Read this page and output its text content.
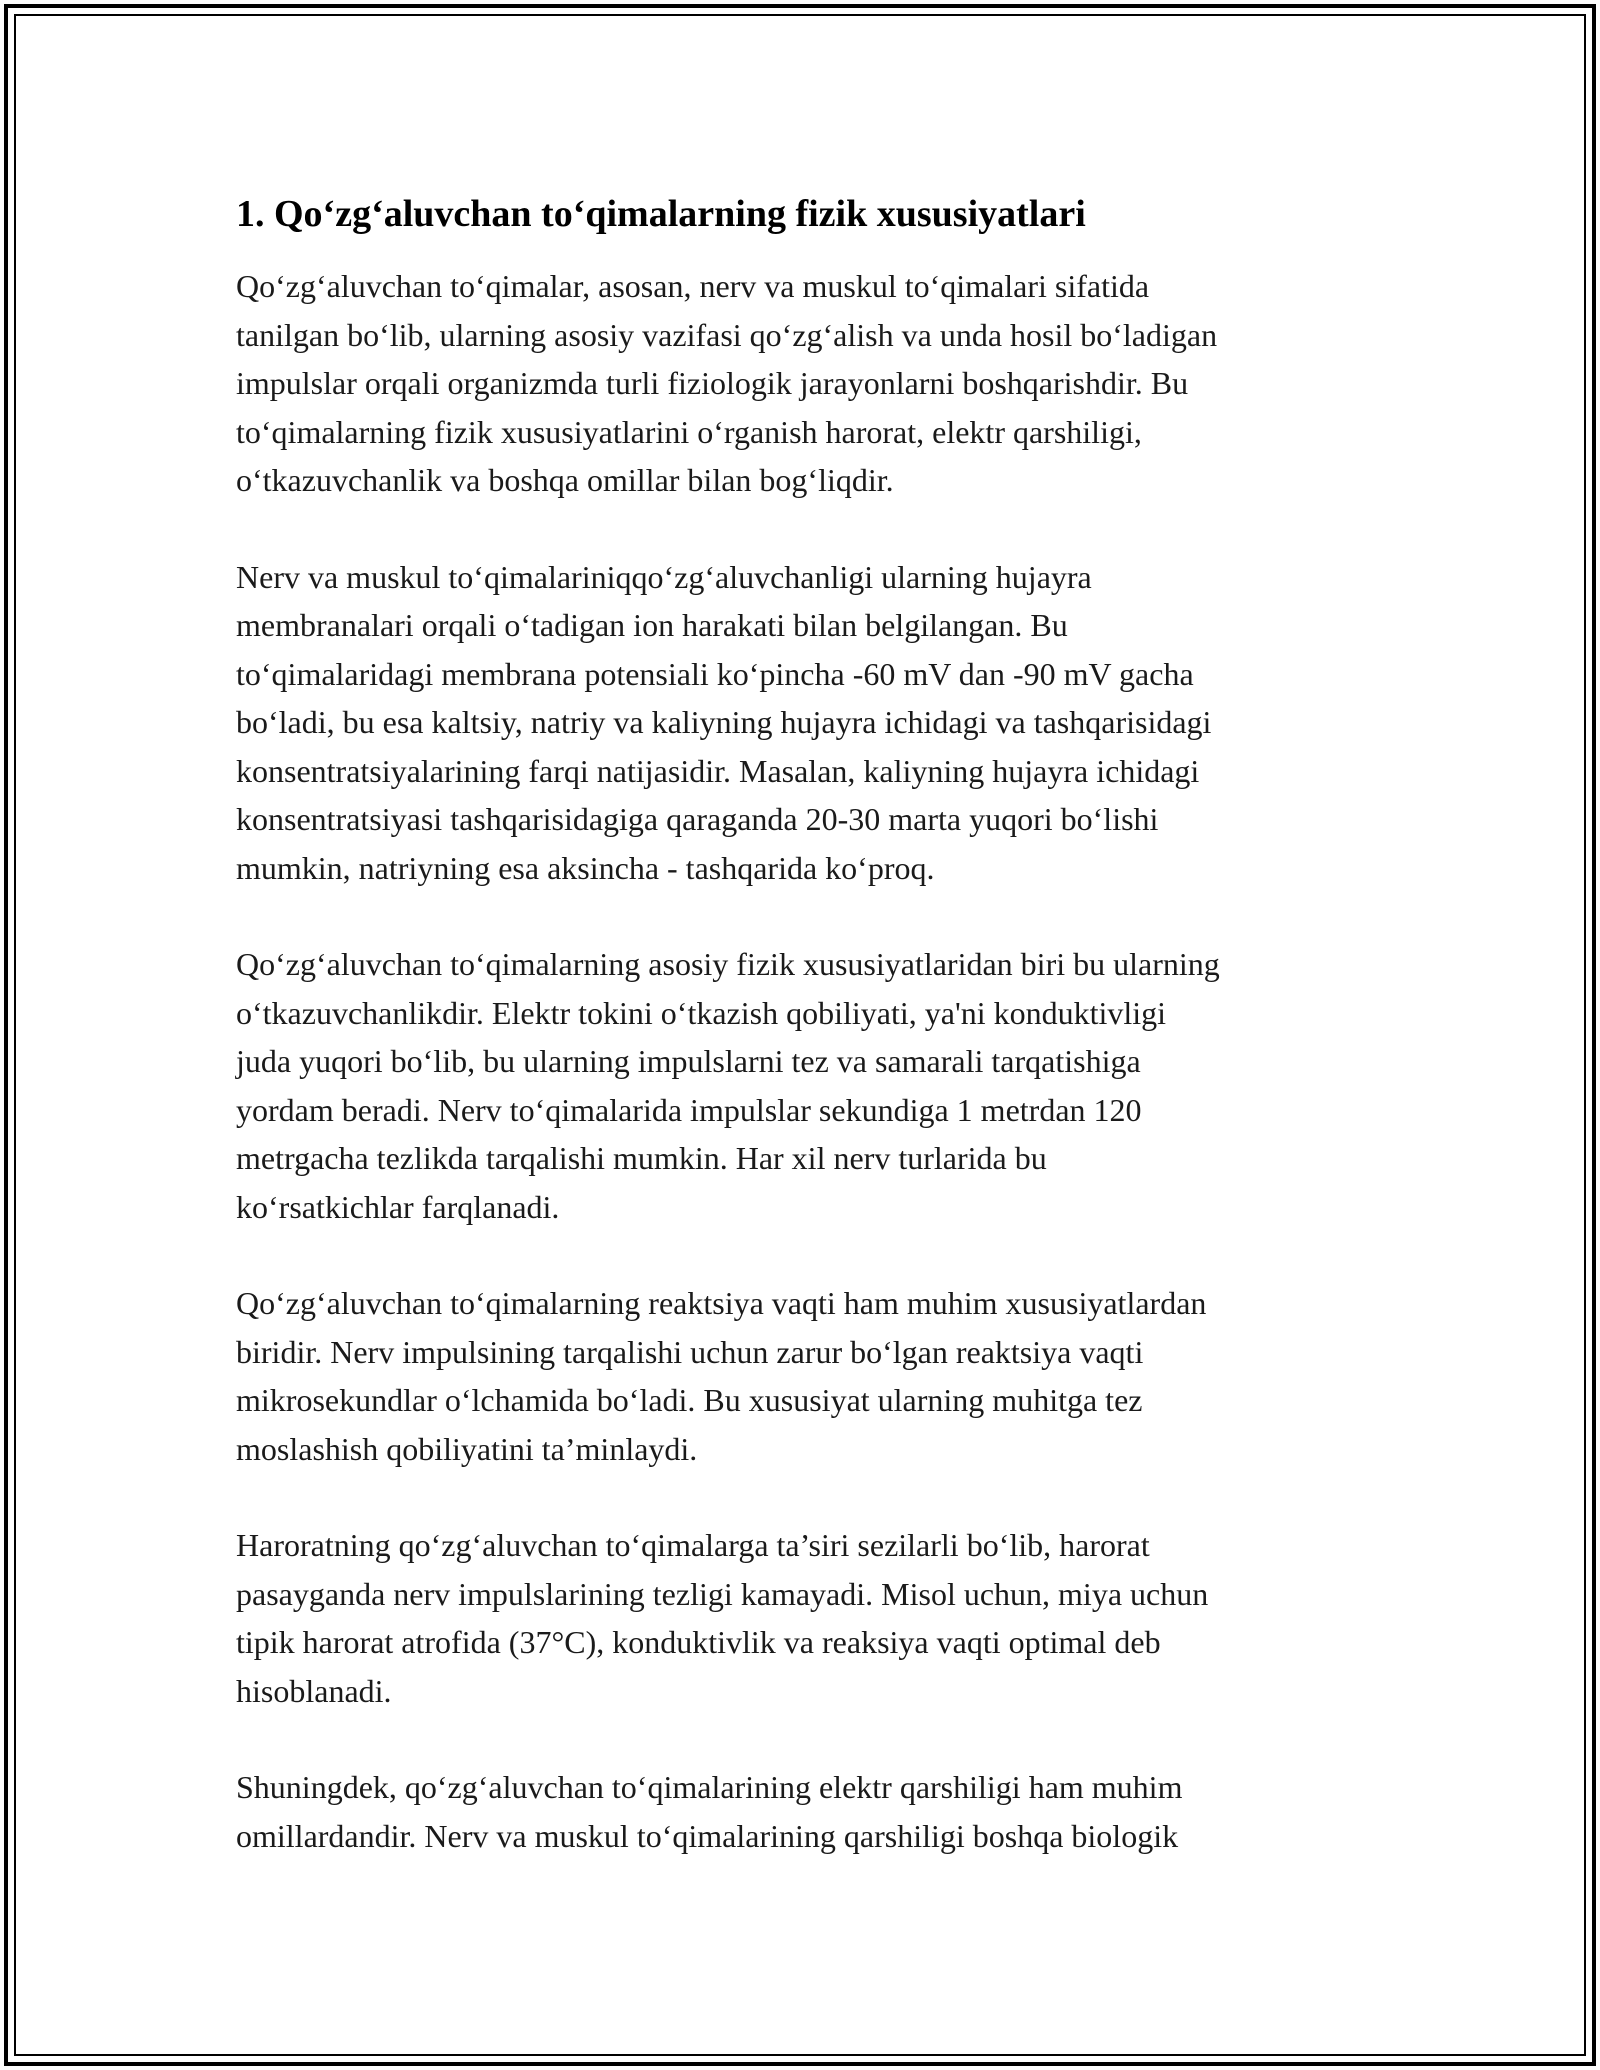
1. Qo‘zg‘aluvchan to‘qimalarning fizik xususiyatlari

Qo‘zg‘aluvchan to‘qimalar, asosan, nerv va muskul to‘qimalari sifatida
tanilgan bo‘lib, ularning asosiy vazifasi qo‘zg‘alish va unda hosil bo‘ladigan
impulslar orqali organizmda turli fiziologik jarayonlarni boshqarishdir. Bu
to‘qimalarning fizik xususiyatlarini o‘rganish harorat, elektr qarshiligi,
o‘tkazuvchanlik va boshqa omillar bilan bog‘liqdir.

Nerv va muskul to‘qimalariniqqo‘zg‘aluvchanligi ularning hujayra
membranalari orqali o‘tadigan ion harakati bilan belgilangan. Bu
to‘qimalaridagi membrana potensiali ko‘pincha -60 mV dan -90 mV gacha
bo‘ladi, bu esa kaltsiy, natriy va kaliyning hujayra ichidagi va tashqarisidagi
konsentratsiyalarining farqi natijasidir. Masalan, kaliyning hujayra ichidagi
konsentratsiyasi tashqarisidagiga qaraganda 20-30 marta yuqori bo‘lishi
mumkin, natriyning esa aksincha - tashqarida ko‘proq.

Qo‘zg‘aluvchan to‘qimalarning asosiy fizik xususiyatlaridan biri bu ularning
o‘tkazuvchanlikdir. Elektr tokini o‘tkazish qobiliyati, ya'ni konduktivligi
juda yuqori bo‘lib, bu ularning impulslarni tez va samarali tarqatishiga
yordam beradi. Nerv to‘qimalarida impulslar sekundiga 1 metrdan 120
metrgacha tezlikda tarqalishi mumkin. Har xil nerv turlarida bu
ko‘rsatkichlar farqlanadi.

Qo‘zg‘aluvchan to‘qimalarning reaktsiya vaqti ham muhim xususiyatlardan
biridir. Nerv impulsining tarqalishi uchun zarur bo‘lgan reaktsiya vaqti
mikrosekundlar o‘lchamida bo‘ladi. Bu xususiyat ularning muhitga tez
moslashish qobiliyatini ta’minlaydi.

Haroratning qo‘zg‘aluvchan to‘qimalarga ta’siri sezilarli bo‘lib, harorat
pasayganda nerv impulslarining tezligi kamayadi. Misol uchun, miya uchun
tipik harorat atrofida (37°C), konduktivlik va reaksiya vaqti optimal deb
hisoblanadi.

Shuningdek, qo‘zg‘aluvchan to‘qimalarining elektr qarshiligi ham muhim
omillardandir. Nerv va muskul to‘qimalarining qarshiligi boshqa biologik
